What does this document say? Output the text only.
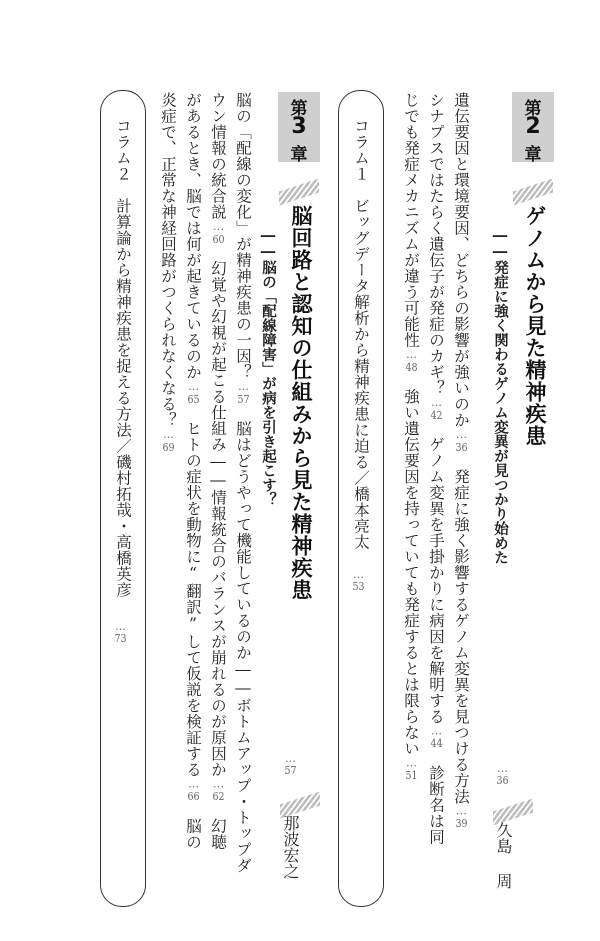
第
2
章
ゲノムから見た精神疾患
――発症に強く関わるゲノム変異が見つかり始めた
…36
久島 周
遺伝要因と環境要因、どちらの影響が強いのか…36　発症に強く影響するゲノム変異を見つける方法…39
シナプスではたらく遺伝子が発症のカギ？…42　ゲノム変異を手掛かりに病因を解明する…44　診断名は同
じでも発症メカニズムが違う可能性…48　強い遺伝要因を持っていても発症するとは限らない…51
コラム１　ビッグデータ解析から精神疾患に迫る／橋本亮太
…53
第
3
章
脳回路と認知の仕組みから見た精神疾患
――脳の「配線障害」が病を引き起こす？
…57
那波宏之
脳の「配線の変化」が精神疾患の一因？…57　脳はどうやって機能しているのか――ボトムアップ・トップダ
ウン情報の統合説…60　幻覚や幻視が起こる仕組み――情報統合のバランスが崩れるのが原因か…62　幻聴
があるとき、脳では何が起きているのか…65　ヒトの症状を動物に“翻訳”して仮説を検証する…66　脳の
炎症で、正常な神経回路がつくられなくなる？…69
コラム２　計算論から精神疾患を捉える方法／磯村拓哉・高橋英彦
…73
